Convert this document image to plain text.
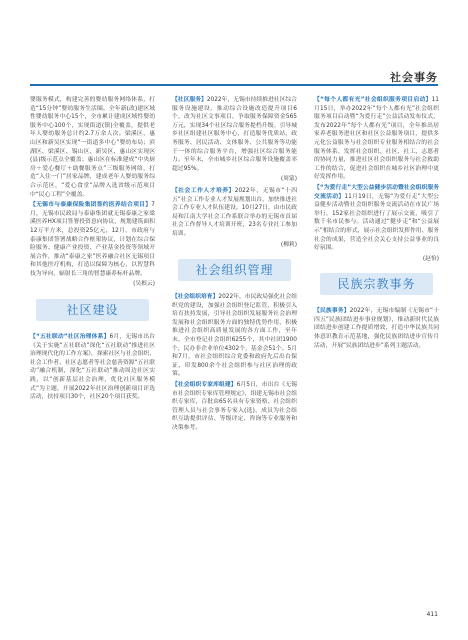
社会事务

婴服务模式，构建完善的婴幼服务网络体系，打造“15分钟”婴幼服务生活圈。全年新(改)建区域性婴幼服务中心15个，全市累计建成区域性婴幼服务中心100个，实现街道(镇)全覆盖，提供老年人婴幼服务总计约2.7万余人次。梁溪区、惠山区和新吴区实现“一街道多中心”婴幼布局；滨湖区、梁溪区、锡山区、新吴区、惠山区实现区(县)级示范点全覆盖；惠山区在标准建成“中央厨房＋爱心餐厅＋助餐服务点”三级服务网络，打造“入住一门”居家品牌，建成老年人婴幼服务综合示范区，“爱心食堂”品牌入选省级示范项目中“民心工程”全覆盖。

【无锡市与泰康保险集团签约医养结合项目】7月，无锡市民政局与泰康集团就无锡泰康之家梁溪医养HX项目签署投资意向协议，规划建筑面积12万平方米，总投资25亿元，12月，市政府与泰康集团签署战略合作框架协议，计划在综合保险服务、健康产业投资、产业基金投资等领域开展合作，推动“泰康之家”医养融合社区无锡项目和其他医疗机构，打造以保障为核心，以智慧科技为导向，辐射长三角的智慧康养标杆品牌。

(吴根云)
社区建设

【“五社联动”社区治理体系】6月，无锡市出台《关于实施“五社联动”深化“五社联动”推进社区治理现代化的工作方案》，探索社区与社会组织、社会工作者、社区志愿者等社会慈善资源“五社联动”融合机制，深化“五社联动”推动周边社区实践，以“创新基层社会治理，优化社区服务模式”为主题，开展2022年社区治理创新项目评选活动，扶持项目30个，社区20个项目获奖。

【社区服务】2022年，无锡市持续推进社区综合服务设施建设，推动综合设施改造提升项目6个，改为社区文事项目，争取服务保障资金565万元，实现34个社区综合服务提档升级。引导城乡社区组建社区服务中心，打造服务优质站，政务服务、居民活动、文体服务、公共服务等功能于一体的综合服务平台，增强社区综合服务能力。至年末，全市城乡社区综合服务设施覆盖率超过95%。

(周蒙)

【社会工作人才培养】2022年，无锡市“十四五”社会工作专业人才发展规划出台，加快推进社会工作专业人才队伍建设。10月27日，由市民政局和江南大学社会工作系联合举办的无锡市首届社会工作督导人才培训开班，23名专业社工参加培训。

(柳莉)
社会组织管理

【社会组织培育】2022年，市民政局强化社会组织党的建设，加强社会组织登记监管，积极引入培育扶持发展，引导社会组织发展服务社会治理发展和社会组织服务方面的独特优势作用，积极推进社会组织高质量发展的各方面工作，至年末，全市登记社会组织6255个，其中社团1900个，民办非企业单位4302个，基金会51个。5月和7月，市社会组织综合党委和政府先后出台保证、印发800余个社会组织参与社区治理的政策。

【社会组织专家库组建】6月5日，市出台《无锡市社会组织专家库管理规定》，组建无锡市社会组织专家库，百批由65名具有专家资格、社会组织管理人员与社会事务专家入(选)，成员为社会组织互助提供评估、等级评定、咨询等专业服务和决策参考。

【“每个人都有光”社会组织服务项目启动】11月15日，举办2022年“每个人都有光”社会组织服务项目启动暨“为爱行走”公益活动发布仪式，发布2022年“每个人都有光”项目，全年推出居家养老服务进社区和社区公益服务项目，提供多元化公益服务与社会组织专业服务相结合的社会服务体系，发挥社会组织、社区、社工、志愿者的协同力量，推进社区社会组织服务与社会救助工作的结合，促进社会组织在城乡社区治理中更好发挥作用。

【“为爱行走”大型公益健步活动暨社会组织服务交流活动】11月19日，无锡“为爱行走”大型公益健步活动暨社会组织服务交流活动在市民广场举行，152家社会组织进行了展示交流，吸引了数千名市民参与。活动通过“健步走”和“公益展示”相结合的形式，展示社会组织发挥作用、服务社会的成果，营造全社会关心支持公益事业的良好氛围。

(赵怡)
民族宗教事务

【民族事务】2022年，无锡市编制《无锡市“十四五”民族团结进步事业规划》，推动新时代民族团结进步创建工作提质增效，打造中华民族共同体意识教育示范基地，强化民族团结进步宣传月活动，开展“民族团结进步”系列主题活动。

411
